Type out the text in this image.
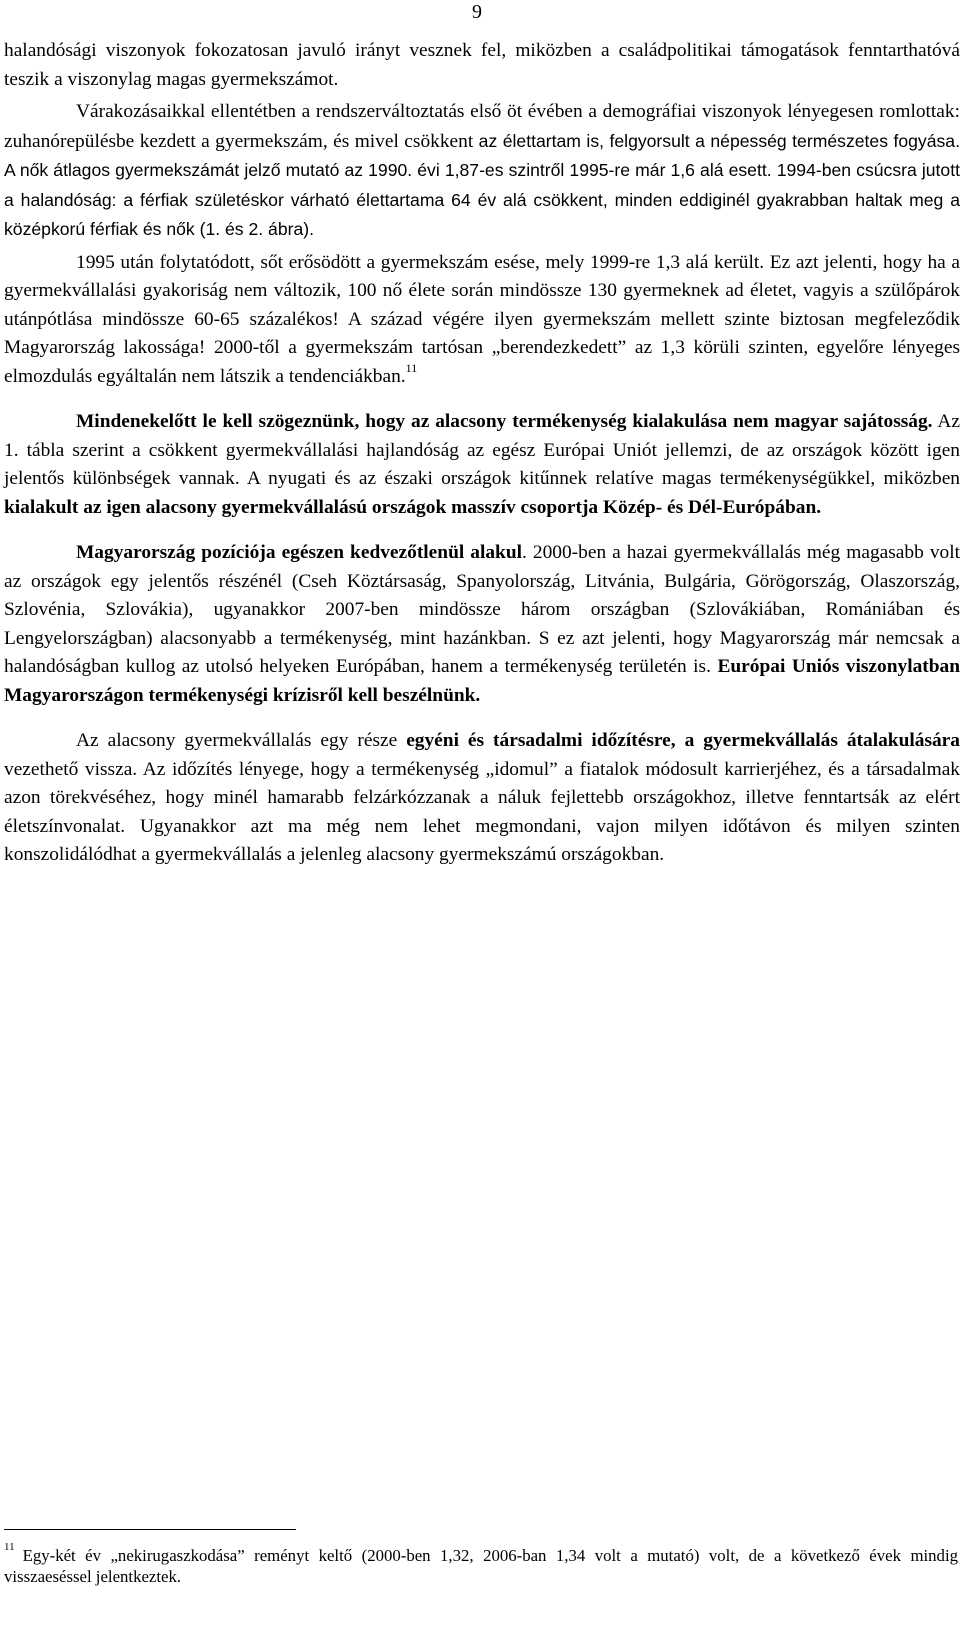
9

halandósági viszonyok fokozatosan javuló irányt vesznek fel, miközben a családpolitikai támogatások fenntarthatóvá teszik a viszonylag magas gyermekszámot.

Várakozásaikkal ellentétben a rendszerváltoztatás első öt évében a demográfiai viszonyok lényegesen romlottak: zuhanórepülésbe kezdett a gyermekszám, és mivel csökkent az élettartam is, felgyorsult a népesség természetes fogyása. A nők átlagos gyermekszámát jelző mutató az 1990. évi 1,87-es szintről 1995-re már 1,6 alá esett. 1994-ben csúcsra jutott a halandóság: a férfiak születéskor várható élettartama 64 év alá csökkent, minden eddiginél gyakrabban haltak meg a középkorú férfiak és nők (1. és 2. ábra).

1995 után folytatódott, sőt erősödött a gyermekszám esése, mely 1999-re 1,3 alá került. Ez azt jelenti, hogy ha a gyermekvállalási gyakoriság nem változik, 100 nő élete során mindössze 130 gyermeknek ad életet, vagyis a szülőpárok utánpótlása mindössze 60-65 százalékos! A század végére ilyen gyermekszám mellett szinte biztosan megfeleződik Magyarország lakossága! 2000-től a gyermekszám tartósan „berendezkedett” az 1,3 körüli szinten, egyelőre lényeges elmozdulás egyáltalán nem látszik a tendenciákban.$^{11}$

Mindenekelőtt le kell szögeznünk, hogy az alacsony termékenység kialakulása nem magyar sajátosság. Az 1. tábla szerint a csökkent gyermekvállalási hajlandóság az egész Európai Uniót jellemzi, de az országok között igen jelentős különbségek vannak. A nyugati és az északi országok kitűnnek relatíve magas termékenységükkel, miközben kialakult az igen alacsony gyermekvállalású országok masszív csoportja Közép- és Dél-Európában.

Magyarország pozíciója egészen kedvezőtlenül alakul. 2000-ben a hazai gyermekvállalás még magasabb volt az országok egy jelentős részénél (Cseh Köztársaság, Spanyolország, Litvánia, Bulgária, Görögország, Olaszország, Szlovénia, Szlovákia), ugyanakkor 2007-ben mindössze három országban (Szlovákiában, Romániában és Lengyelországban) alacsonyabb a termékenység, mint hazánkban. S ez azt jelenti, hogy Magyarország már nemcsak a halandóságban kullog az utolsó helyeken Európában, hanem a termékenység területén is. Európai Uniós viszonylatban Magyarországon termékenységi krízisről kell beszélnünk.

Az alacsony gyermekvállalás egy része egyéni és társadalmi időzítésre, a gyermekvállalás átalakulására vezethető vissza. Az időzítés lényege, hogy a termékenység „idomul” a fiatalok módosult karrierjéhez, és a társadalmak azon törekvéséhez, hogy minél hamarabb felzárkózzanak a náluk fejlettebb országokhoz, illetve fenntartsák az elért életszínvonalat. Ugyanakkor azt ma még nem lehet megmondani, vajon milyen időtávon és milyen szinten konszolidálódhat a gyermekvállalás a jelenleg alacsony gyermekszámú országokban.

$^{11}$ Egy-két év „nekirugaszkodása” reményt keltő (2000-ben 1,32, 2006-ban 1,34 volt a mutató) volt, de a következő évek mindig visszaeséssel jelentkeztek.
